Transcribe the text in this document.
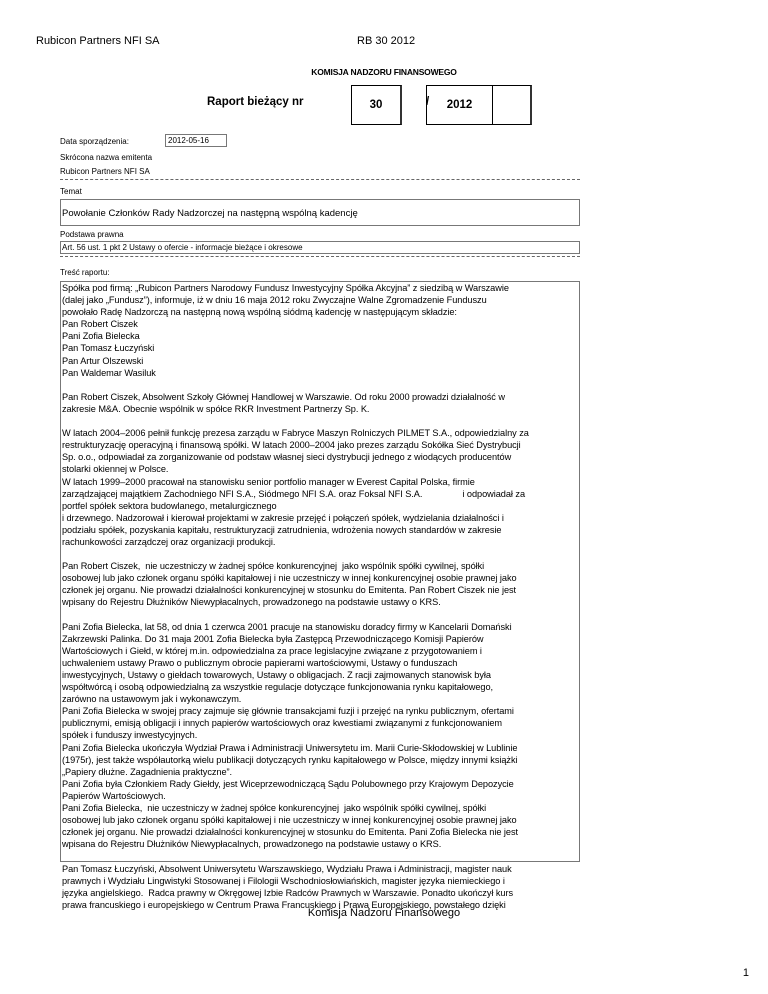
Rubicon Partners NFI SA	RB 30 2012
KOMISJA NADZORU FINANSOWEGO
Raport bieżący nr	30	/	2012
Data sporządzenia:	2012-05-16
Skrócona nazwa emitenta
Rubicon Partners NFI SA
Temat
Powołanie Członków Rady Nadzorczej na następną wspólną kadencję
Podstawa prawna
Art. 56 ust. 1 pkt 2 Ustawy o ofercie - informacje bieżące i okresowe
Treść raportu:

Spółka pod firmą: „Rubicon Partners Narodowy Fundusz Inwestycyjny Spółka Akcyjna” z siedzibą w Warszawie

(dalej jako „Fundusz”), informuje, iż w dniu 16 maja 2012 roku Zwyczajne Walne Zgromadzenie Funduszu

powołało Radę Nadzorczą na następną nową wspólną siódmą kadencję w następującym składzie:

Pan Robert Ciszek

Pani Zofia Bielecka

Pan Tomasz Łuczyński

Pan Artur Olszewski

Pan Waldemar Wasiluk

Pan Robert Ciszek, Absolwent Szkoły Głównej Handlowej w Warszawie. Od roku 2000 prowadzi działalność w

zakresie M&A. Obecnie wspólnik w spółce RKR Investment Partnerzy Sp. K.

W latach 2004–2006 pełnił funkcję prezesa zarządu w Fabryce Maszyn Rolniczych PILMET S.A., odpowiedzialny za

restrukturyzację operacyjną i finansową spółki. W latach 2000–2004 jako prezes zarządu Sokółka Sieć Dystrybucji

Sp. o.o., odpowiadał za zorganizowanie od podstaw własnej sieci dystrybucji jednego z wiodących producentów

stolarki okiennej w Polsce.

W latach 1999–2000 pracował na stanowisku senior portfolio manager w Everest Capital Polska, firmie

zarządzającej majątkiem Zachodniego NFI S.A., Siódmego NFI S.A. oraz Foksal NFI S.A.                i odpowiadał za

portfel spółek sektora budowlanego, metalurgicznego

i drzewnego. Nadzorował i kierował projektami w zakresie przejęć i połączeń spółek, wydzielania działalności i

podziału spółek, pozyskania kapitału, restrukturyzacji zatrudnienia, wdrożenia nowych standardów w zakresie

rachunkowości zarządczej oraz organizacji produkcji.

Pan Robert Ciszek,  nie uczestniczy w żadnej spółce konkurencyjnej  jako wspólnik spółki cywilnej, spółki

osobowej lub jako członek organu spółki kapitałowej i nie uczestniczy w innej konkurencyjnej osobie prawnej jako

członek jej organu. Nie prowadzi działalności konkurencyjnej w stosunku do Emitenta. Pan Robert Ciszek nie jest

wpisany do Rejestru Dłużników Niewypłacalnych, prowadzonego na podstawie ustawy o KRS.

Pani Zofia Bielecka, lat 58, od dnia 1 czerwca 2001 pracuje na stanowisku doradcy firmy w Kancelarii Domański

Zakrzewski Palinka. Do 31 maja 2001 Zofia Bielecka była Zastępcą Przewodniczącego Komisji Papierów

Wartościowych i Giełd, w której m.in. odpowiedzialna za prace legislacyjne związane z przygotowaniem i

uchwaleniem ustawy Prawo o publicznym obrocie papierami wartościowymi, Ustawy o funduszach

inwestycyjnych, Ustawy o giełdach towarowych, Ustawy o obligacjach. Z racji zajmowanych stanowisk była

współtwórcą i osobą odpowiedzialną za wszystkie regulacje dotyczące funkcjonowania rynku kapitałowego,

zarówno na ustawowym jak i wykonawczym.

Pani Zofia Bielecka w swojej pracy zajmuje się głównie transakcjami fuzji i przejęć na rynku publicznym, ofertami

publicznymi, emisją obligacji i innych papierów wartościowych oraz kwestiami związanymi z funkcjonowaniem

spółek i funduszy inwestycyjnych.

Pani Zofia Bielecka ukończyła Wydział Prawa i Administracji Uniwersytetu im. Marii Curie-Skłodowskiej w Lublinie

(1975r), jest także współautorką wielu publikacji dotyczących rynku kapitałowego w Polsce, między innymi książki

„Papiery dłużne. Zagadnienia praktyczne”.

Pani Zofia była Członkiem Rady Giełdy, jest Wiceprzewodniczącą Sądu Polubownego przy Krajowym Depozycie

Papierów Wartościowych.

Pani Zofia Bielecka,  nie uczestniczy w żadnej spółce konkurencyjnej  jako wspólnik spółki cywilnej, spółki

osobowej lub jako członek organu spółki kapitałowej i nie uczestniczy w innej konkurencyjnej osobie prawnej jako

członek jej organu. Nie prowadzi działalności konkurencyjnej w stosunku do Emitenta. Pani Zofia Bielecka nie jest

wpisana do Rejestru Dłużników Niewypłacalnych, prowadzonego na podstawie ustawy o KRS.

Pan Tomasz Łuczyński, Absolwent Uniwersytetu Warszawskiego, Wydziału Prawa i Administracji, magister nauk

prawnych i Wydziału Lingwistyki Stosowanej i Filologii Wschodniosłowiańskich, magister języka niemieckiego i

języka angielskiego.  Radca prawny w Okręgowej Izbie Radców Prawnych w Warszawie. Ponadto ukończył kurs

prawa francuskiego i europejskiego w Centrum Prawa Francuskiego i Prawa Europejskiego, powstałego dzięki

Komisja Nadzoru Finansowego
1
